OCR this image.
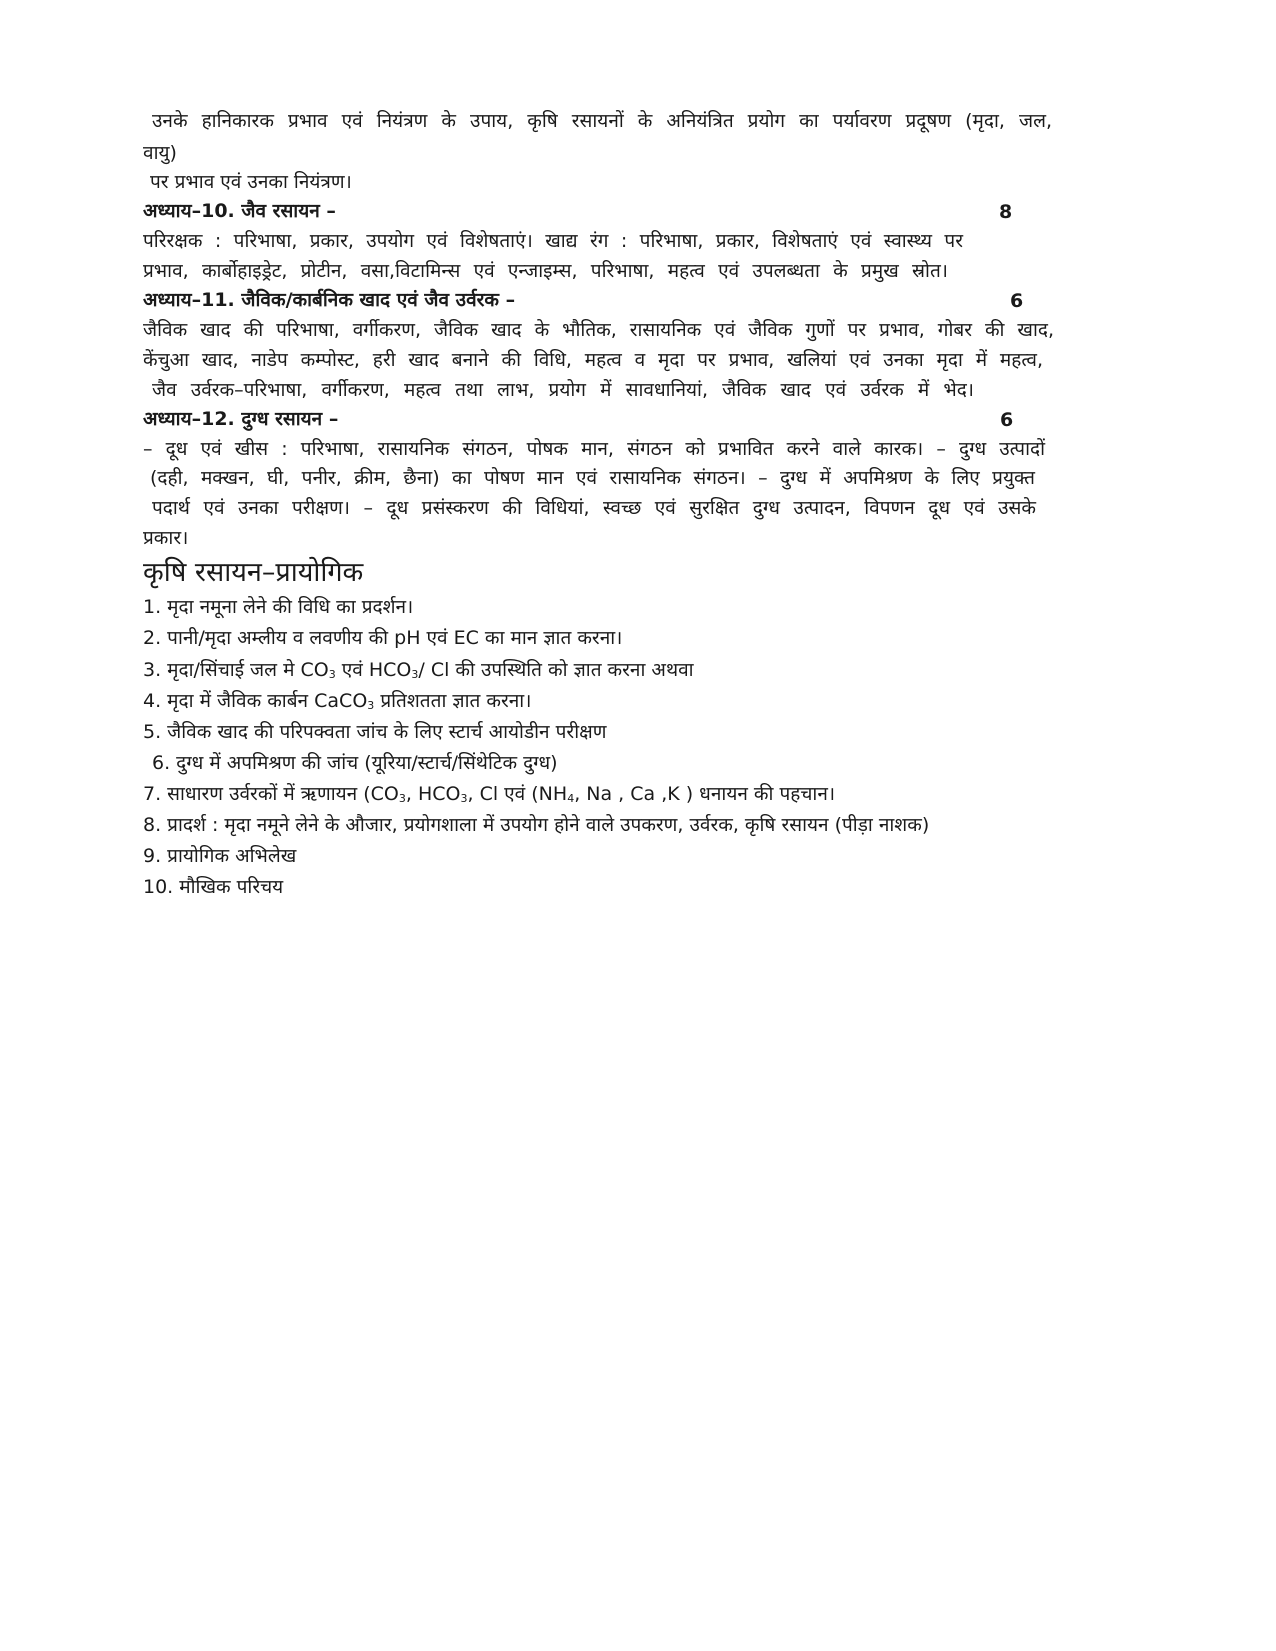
उनके हानिकारक प्रभाव एवं नियंत्रण के उपाय, कृषि रसायनों के अनियंत्रित प्रयोग का पर्यावरण प्रदूषण (मृदा, जल,
वायु)
पर प्रभाव एवं उनका नियंत्रण।
अध्याय–10. जैव रसायन –	8
परिरक्षक : परिभाषा, प्रकार, उपयोग एवं विशेषताएं। खाद्य रंग : परिभाषा, प्रकार, विशेषताएं एवं स्वास्थ्य पर
प्रभाव, कार्बोहाइड्रेट, प्रोटीन, वसा,विटामिन्स एवं एन्जाइम्स, परिभाषा, महत्व एवं उपलब्धता के प्रमुख स्रोत।
अध्याय–11. जैविक/कार्बनिक खाद एवं जैव उर्वरक –	6
जैविक खाद की परिभाषा, वर्गीकरण, जैविक खाद के भौतिक, रासायनिक एवं जैविक गुणों पर प्रभाव, गोबर की खाद,
केंचुआ खाद, नाडेप कम्पोस्ट, हरी खाद बनाने की विधि, महत्व व मृदा पर प्रभाव, खलियां एवं उनका मृदा में महत्व,
जैव उर्वरक–परिभाषा, वर्गीकरण, महत्व तथा लाभ, प्रयोग में सावधानियां, जैविक खाद एवं उर्वरक में भेद।
अध्याय–12. दुग्ध रसायन –	6
– दूध एवं खीस : परिभाषा, रासायनिक संगठन, पोषक मान, संगठन को प्रभावित करने वाले कारक। – दुग्ध उत्पादों
(दही, मक्खन, घी, पनीर, क्रीम, छैना) का पोषण मान एवं रासायनिक संगठन। – दुग्ध में अपमिश्रण के लिए प्रयुक्त
पदार्थ एवं उनका परीक्षण। – दूध प्रसंस्करण की विधियां, स्वच्छ एवं सुरक्षित दुग्ध उत्पादन, विपणन दूध एवं उसके
प्रकार।
कृषि रसायन–प्रायोगिक
1. मृदा नमूना लेने की विधि का प्रदर्शन।
2. पानी/मृदा अम्लीय व लवणीय की pH एवं EC का मान ज्ञात करना।
3. मृदा/सिंचाई जल मे $CO_3$ एवं $HCO_3/$ Cl की उपस्थिति को ज्ञात करना अथवा
4. मृदा में जैविक कार्बन CaCO$_3$ प्रतिशतता ज्ञात करना।
5. जैविक खाद की परिपक्वता जांच के लिए स्टार्च आयोडीन परीक्षण
6. दुग्ध में अपमिश्रण की जांच (यूरिया/स्टार्च/सिंथेटिक दुग्ध)
7. साधारण उर्वरकों में ऋणायन ($CO_3$, $HCO_3$, Cl एवं ($NH_4$, Na , Ca ,K ) धनायन की पहचान।
8. प्रादर्श : मृदा नमूने लेने के औजार, प्रयोगशाला में उपयोग होने वाले उपकरण, उर्वरक, कृषि रसायन (पीड़ा नाशक)
9. प्रायोगिक अभिलेख
10. मौखिक परिचय
